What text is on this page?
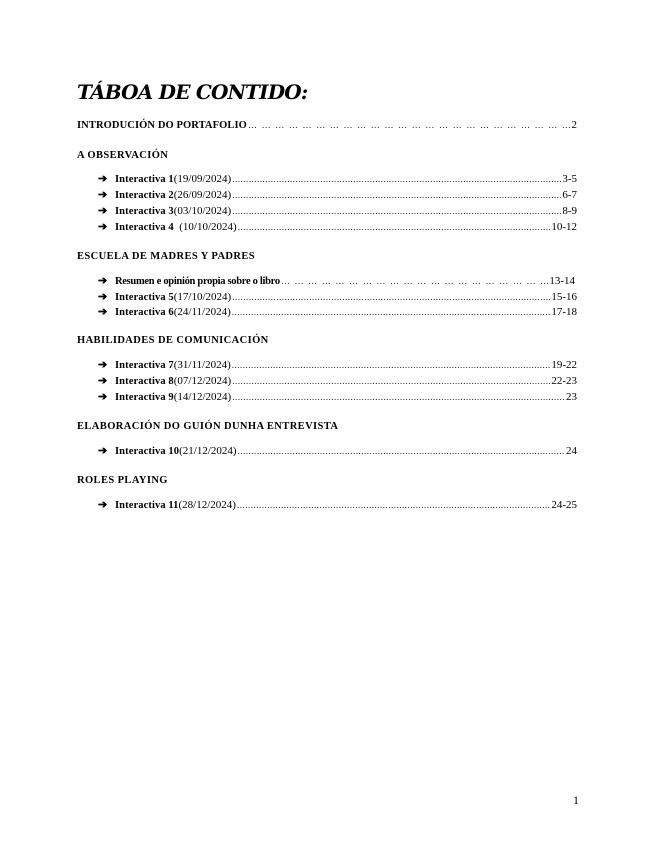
TÁBOA DE CONTIDO:
INTRODUCIÓN DO PORTAFOLIO … … … … … … … … … … … … … … … … … … … … … … … … … … … … … … … … … … … … … … … … … … … … … … … … … … … … … … … …	2
A OBSERVACIÓN
➔ Interactiva 1 (19/09/2024) .....	3-5
➔ Interactiva 2 (26/09/2024) .....	6-7
➔ Interactiva 3 (03/10/2024) .....	8-9
➔ Interactiva 4 (10/10/2024) .....	10-12
ESCUELA DE MADRES Y PADRES
➔ Resumen e opinión propia sobre o libro … … … … … … … … … … … … … … … … … … … … … … … … … … … … … … … … … … … … … … … … … … … … … … … … … … … … … … … …	13-14
➔ Interactiva 5 (17/10/2024) .....	15-16
➔ Interactiva 6 (24/11/2024) .....	17-18
HABILIDADES DE COMUNICACIÓN
➔ Interactiva 7 (31/11/2024) .....	19-22
➔ Interactiva 8 (07/12/2024) .....	22-23
➔ Interactiva 9 (14/12/2024) .....	23
ELABORACIÓN DO GUIÓN DUNHA ENTREVISTA
➔ Interactiva 10 (21/12/2024) .....	24
ROLES PLAYING
➔ Interactiva 11 (28/12/2024) .....	24-25
1
